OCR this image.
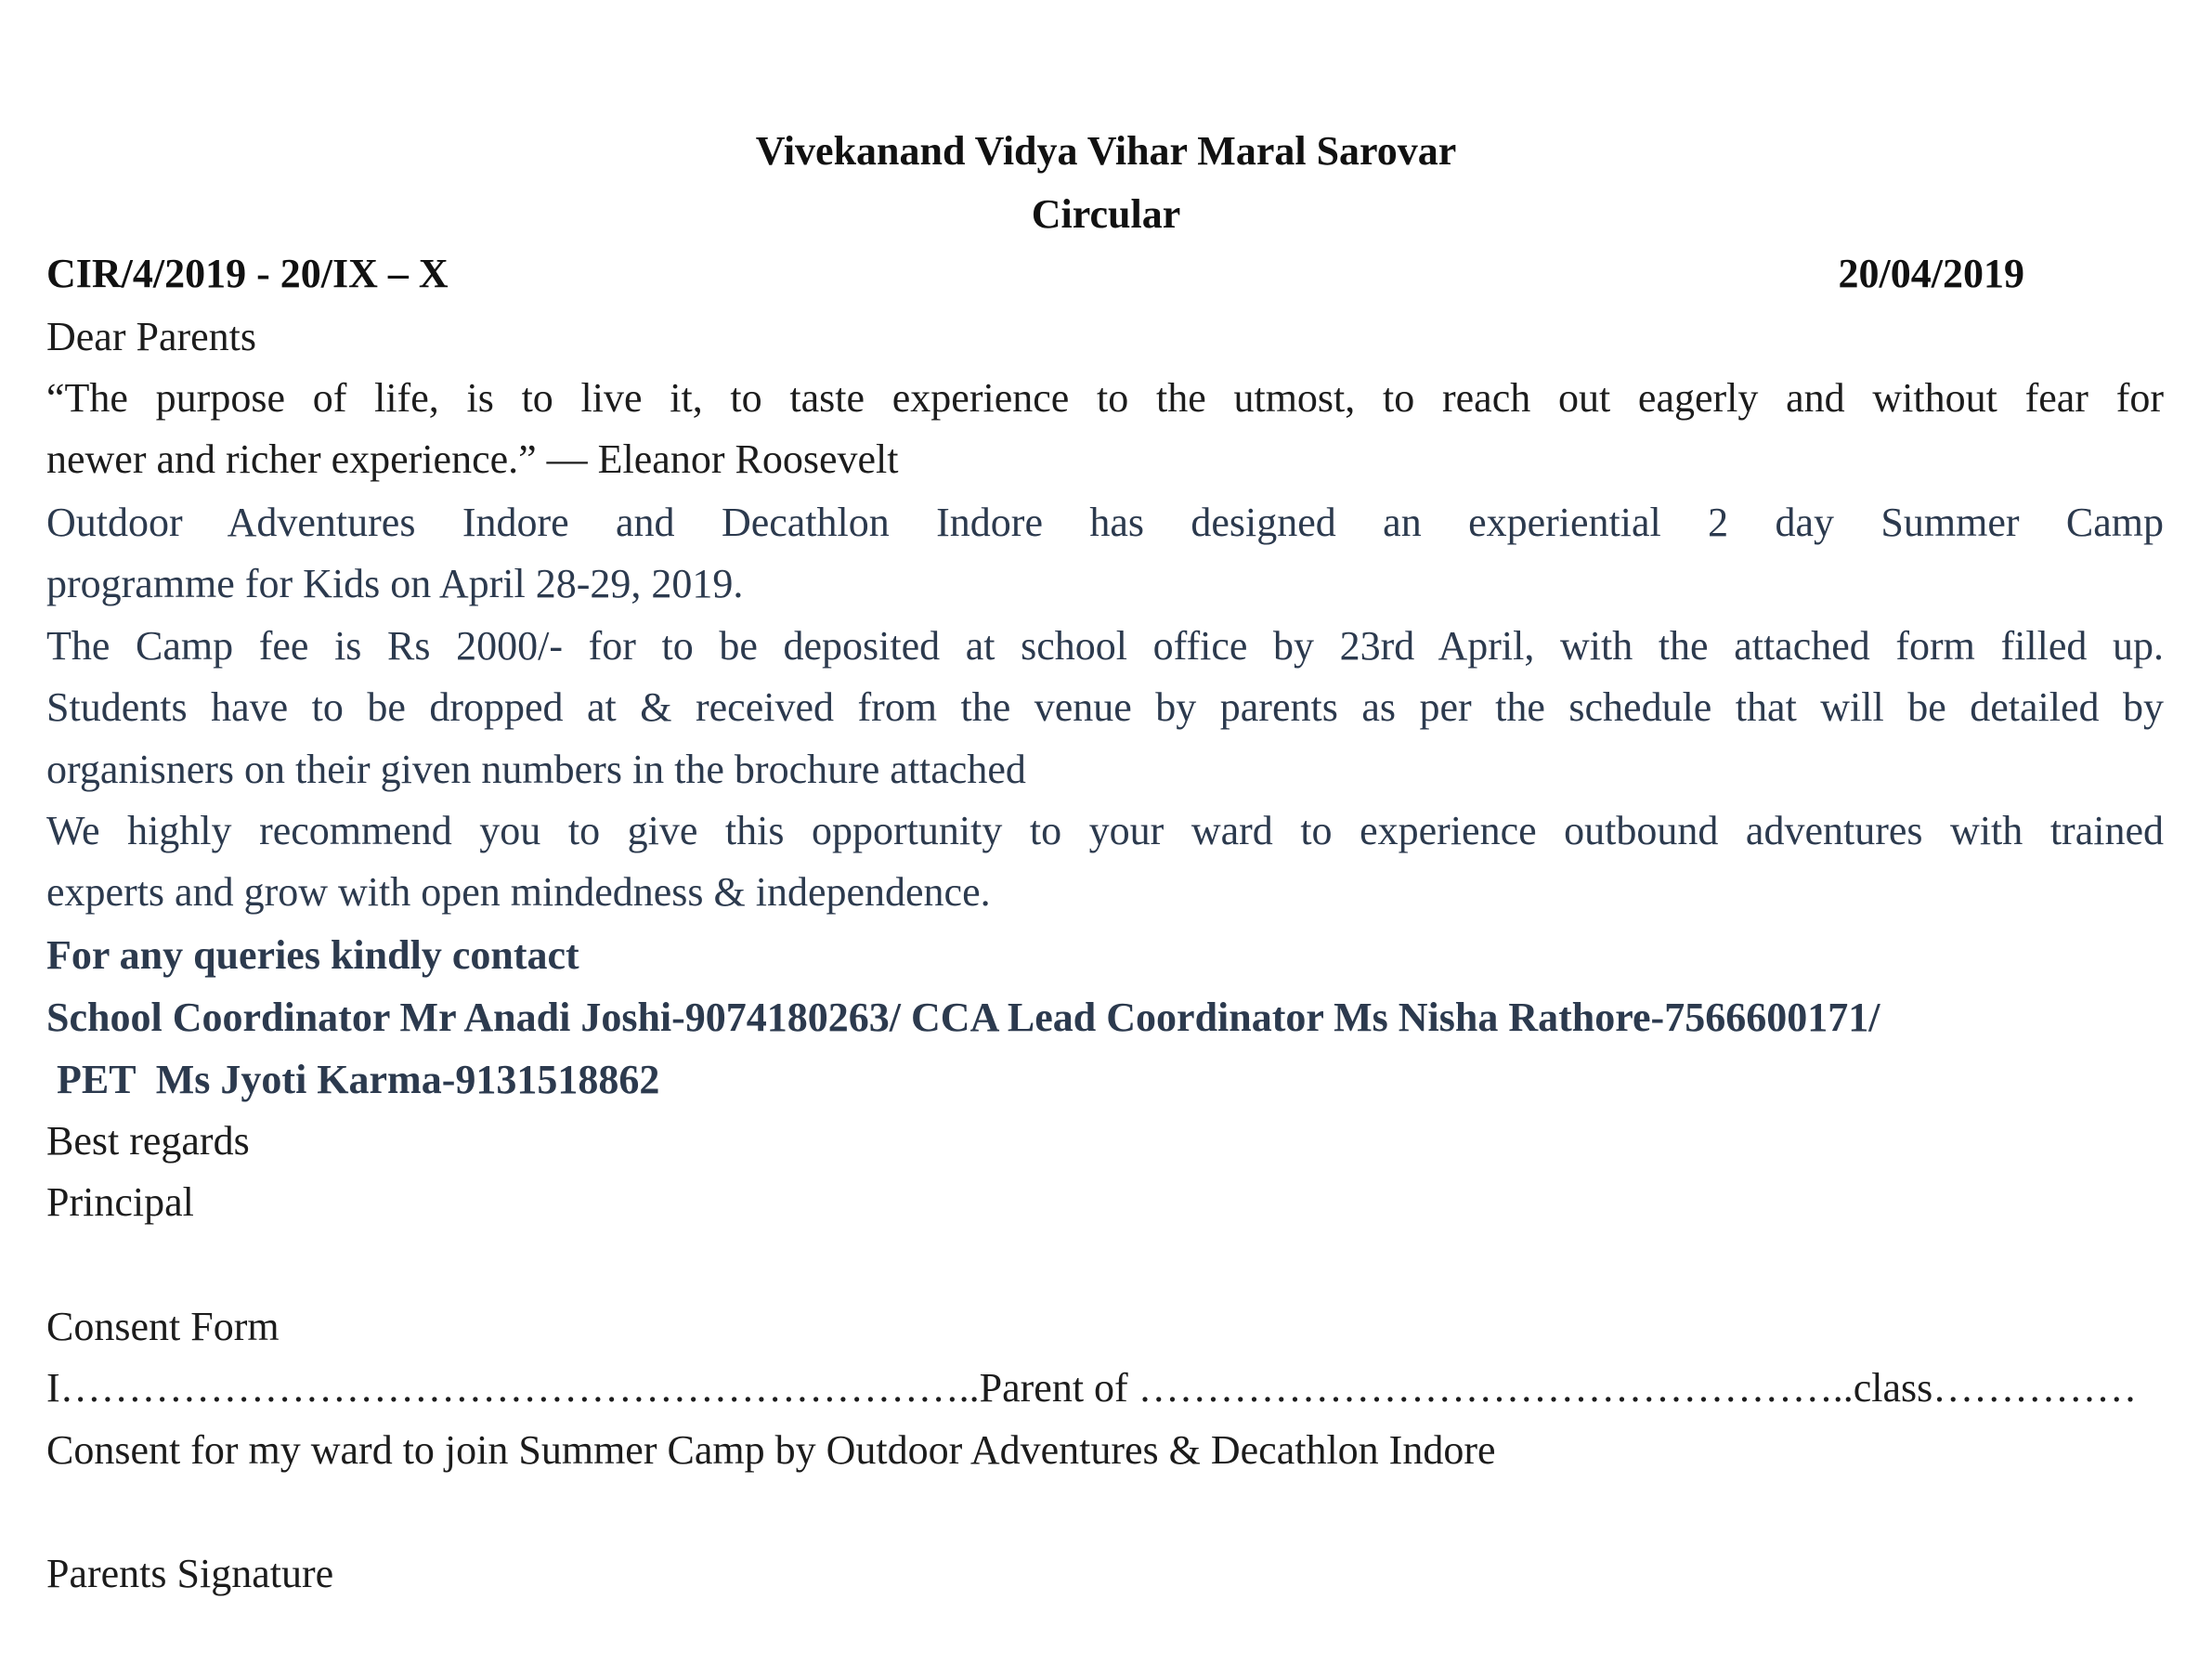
Vivekanand Vidya Vihar Maral Sarovar
Circular
CIR/4/2019 - 20/IX – X	20/04/2019
Dear Parents
“The purpose of life, is to live it, to taste experience to the utmost, to reach out eagerly and without fear for
newer and richer experience.” — Eleanor Roosevelt
Outdoor Adventures Indore and Decathlon Indore has designed an experiential 2 day Summer Camp
programme for Kids on April 28-29, 2019.
The Camp fee is Rs 2000/- for to be deposited at school office by 23rd April, with the attached form filled up.
Students have to be dropped at & received from the venue by parents as per the schedule that will be detailed by
organisners on their given numbers in the brochure attached
We highly recommend you to give this opportunity to your ward to experience outbound adventures with trained
experts and grow with open mindedness & independence.
For any queries kindly contact
School Coordinator Mr Anadi Joshi-9074180263/ CCA Lead Coordinator Ms Nisha Rathore-7566600171/
PET  Ms Jyoti Karma-9131518862
Best regards
Principal
Consent Form
I…………………………………………………………..Parent of ……………………………………………..class……………
Consent for my ward to join Summer Camp by Outdoor Adventures & Decathlon Indore
Parents Signature
